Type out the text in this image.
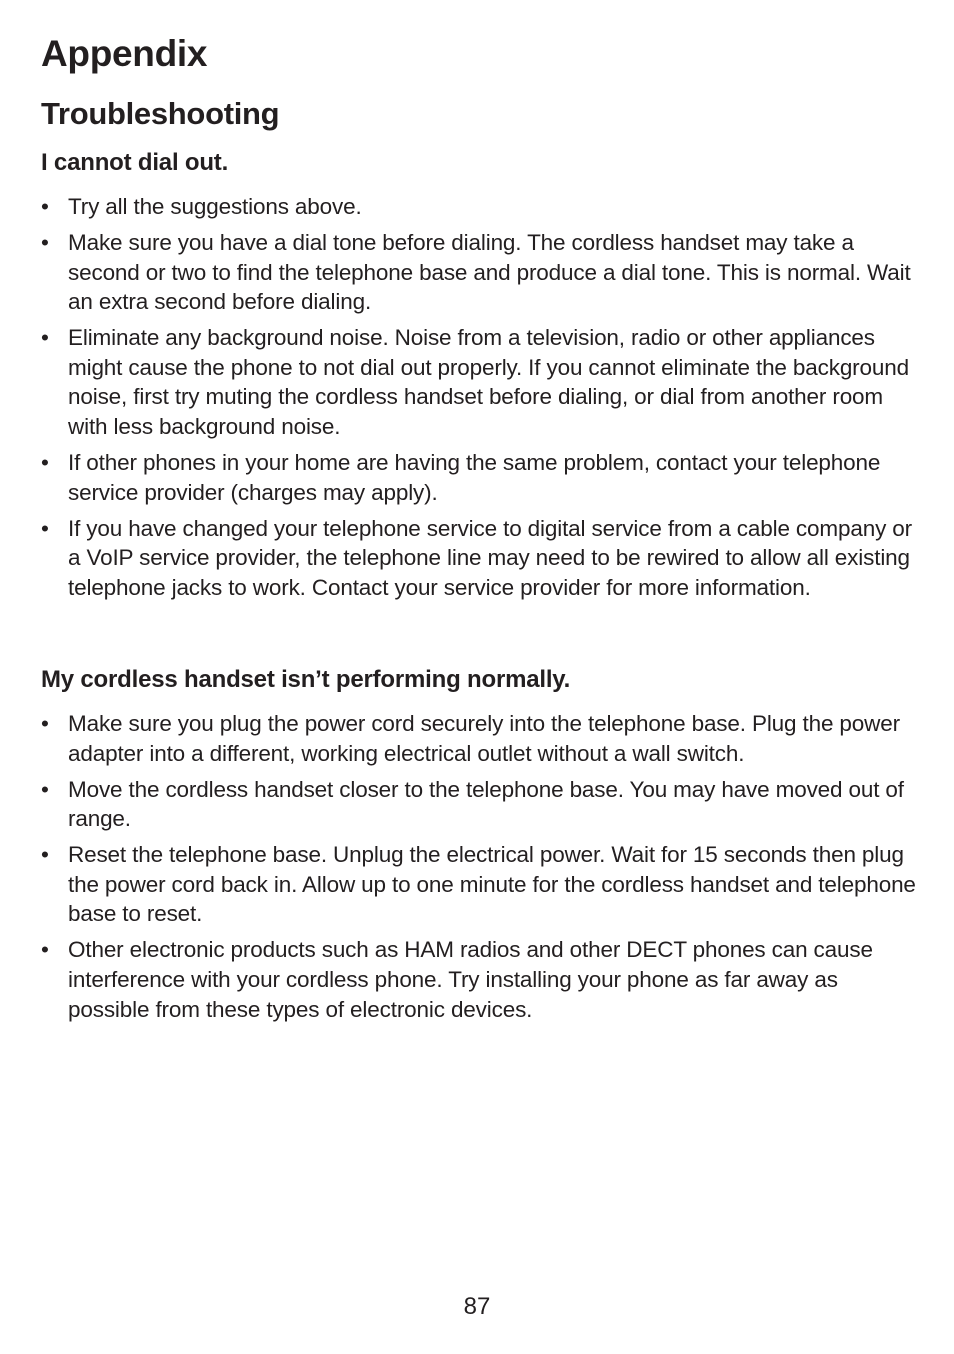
Appendix
Troubleshooting
I cannot dial out.
• Try all the suggestions above.
• Make sure you have a dial tone before dialing. The cordless handset may take a second or two to find the telephone base and produce a dial tone. This is normal. Wait an extra second before dialing.
• Eliminate any background noise. Noise from a television, radio or other appliances might cause the phone to not dial out properly. If you cannot eliminate the background noise, first try muting the cordless handset before dialing, or dial from another room with less background noise.
• If other phones in your home are having the same problem, contact your telephone service provider (charges may apply).
• If you have changed your telephone service to digital service from a cable company or a VoIP service provider, the telephone line may need to be rewired to allow all existing telephone jacks to work. Contact your service provider for more information.
My cordless handset isn’t performing normally.
• Make sure you plug the power cord securely into the telephone base. Plug the power adapter into a different, working electrical outlet without a wall switch.
• Move the cordless handset closer to the telephone base. You may have moved out of range.
• Reset the telephone base. Unplug the electrical power. Wait for 15 seconds then plug the power cord back in. Allow up to one minute for the cordless handset and telephone base to reset.
• Other electronic products such as HAM radios and other DECT phones can cause interference with your cordless phone. Try installing your phone as far away as possible from these types of electronic devices.
87
